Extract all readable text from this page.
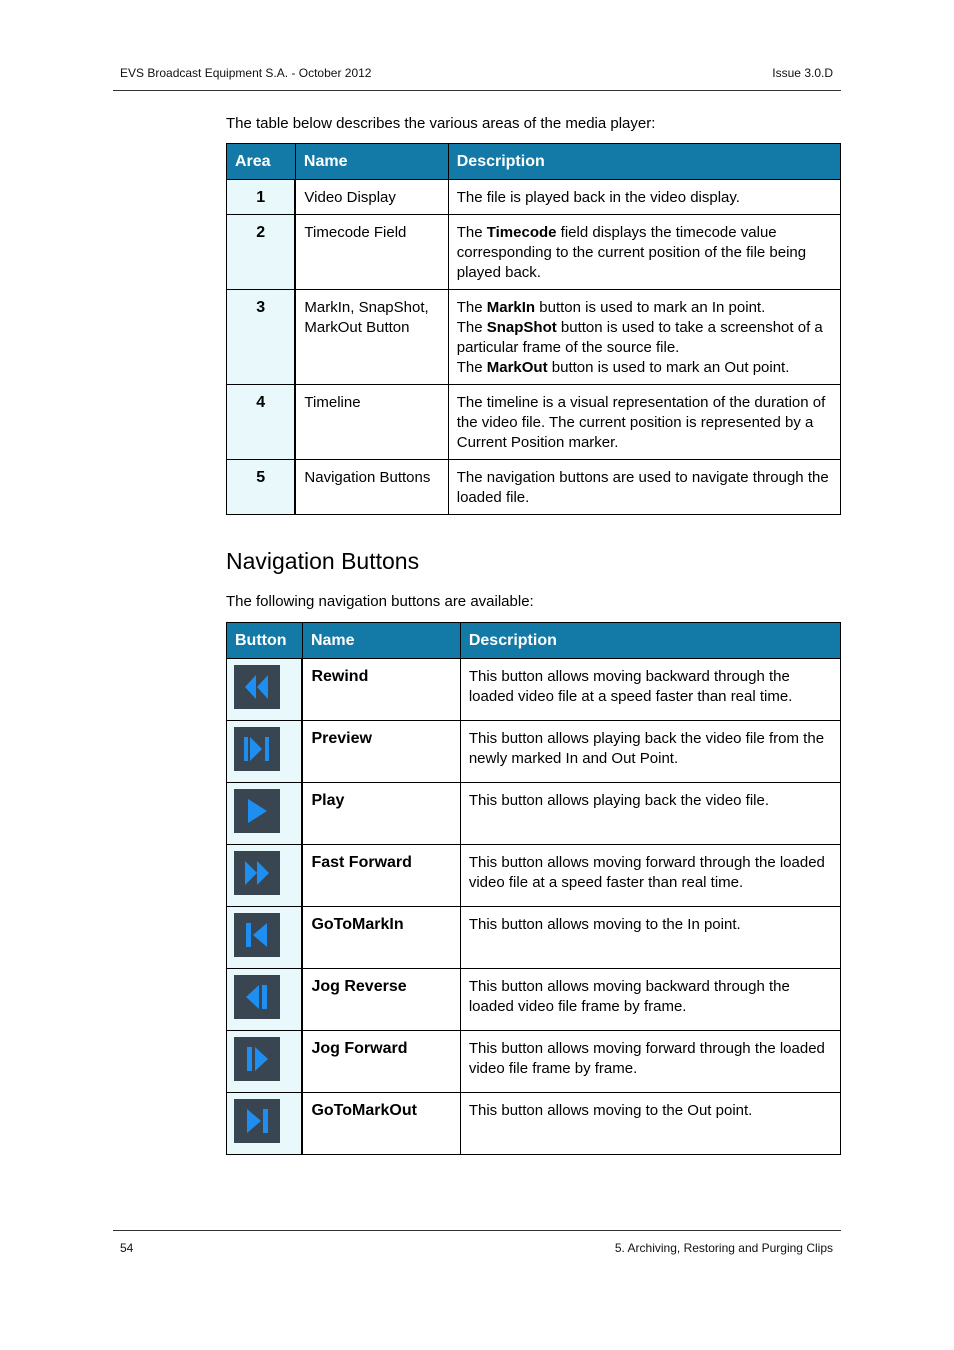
EVS Broadcast Equipment S.A. - October 2012	Issue 3.0.D
The table below describes the various areas of the media player:
Area	Name	Description
1	Video Display	The file is played back in the video display.
2	Timecode Field	The Timecode field displays the timecode value corresponding to the current position of the file being played back.
3	MarkIn, SnapShot, MarkOut Button	The MarkIn button is used to mark an In point.
The SnapShot button is used to take a screenshot of a particular frame of the source file.
The MarkOut button is used to mark an Out point.

4	Timeline	The timeline is a visual representation of the duration of the video file. The current position is represented by a Current Position marker.
5	Navigation Buttons	The navigation buttons are used to navigate through the loaded file.
Navigation Buttons
The following navigation buttons are available:
Button	Name	Description

	Rewind	This button allows moving backward through the loaded video file at a speed faster than real time.

	Preview	This button allows playing back the video file from the newly marked In and Out Point.

	Play	This button allows playing back the video file.

	Fast Forward	This button allows moving forward through the loaded video file at a speed faster than real time.

	GoToMarkIn	This button allows moving to the In point.

	Jog Reverse	This button allows moving backward through the loaded video file frame by frame.

	Jog Forward	This button allows moving forward through the loaded video file frame by frame.

	GoToMarkOut	This button allows moving to the Out point.
54	5. Archiving, Restoring and Purging Clips
